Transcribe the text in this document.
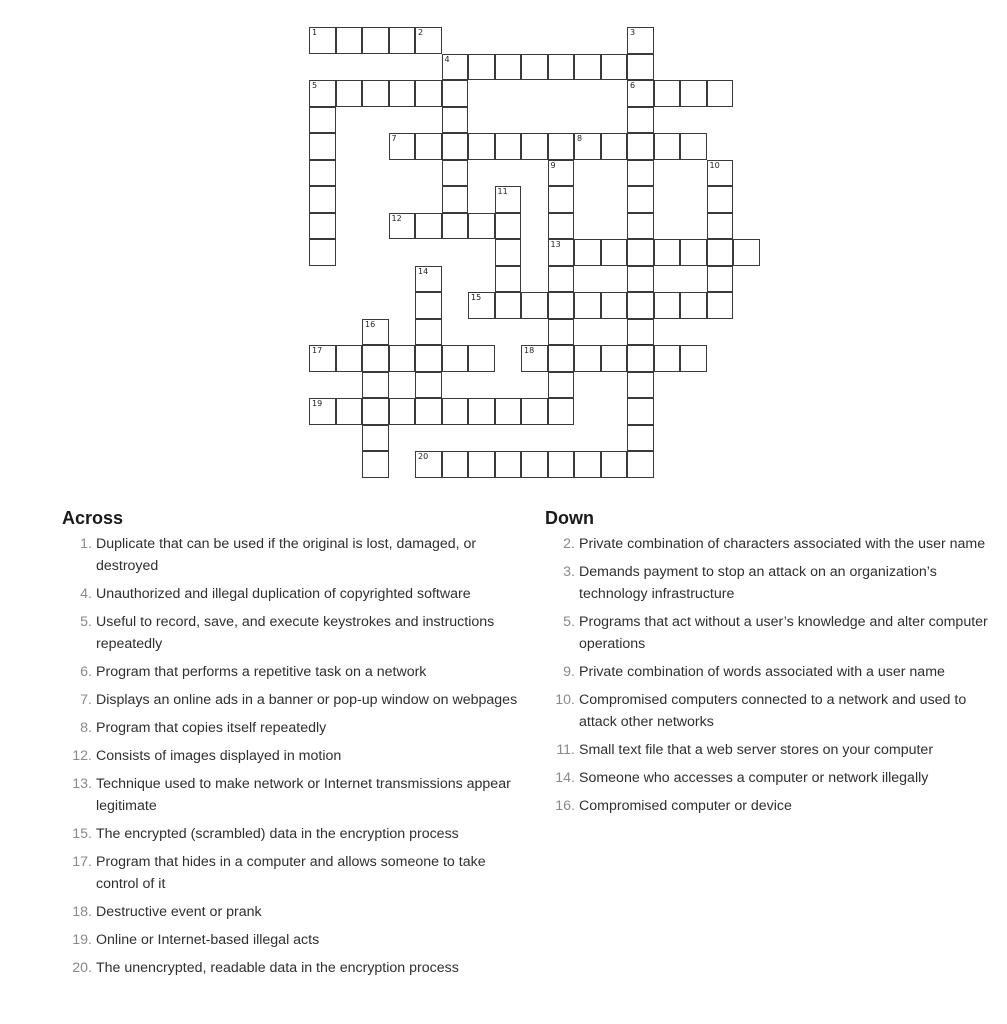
1	2	3
4
5	6
7	8
9	10
11
12
13
14
15
16
17	18
19
20
Across
1. Duplicate that can be used if the original is lost, damaged, or destroyed
4. Unauthorized and illegal duplication of copyrighted software
5. Useful to record, save, and execute keystrokes and instructions repeatedly
6. Program that performs a repetitive task on a network
7. Displays an online ads in a banner or pop-up window on webpages
8. Program that copies itself repeatedly
12. Consists of images displayed in motion
13. Technique used to make network or Internet transmissions appear legitimate
15. The encrypted (scrambled) data in the encryption process
17. Program that hides in a computer and allows someone to take control of it
18. Destructive event or prank
19. Online or Internet-based illegal acts
20. The unencrypted, readable data in the encryption process
Down
2. Private combination of characters associated with the user name
3. Demands payment to stop an attack on an organization’s technology infrastructure
5. Programs that act without a user’s knowledge and alter computer operations
9. Private combination of words associated with a user name
10. Compromised computers connected to a network and used to attack other networks
11. Small text file that a web server stores on your computer
14. Someone who accesses a computer or network illegally
16. Compromised computer or device
